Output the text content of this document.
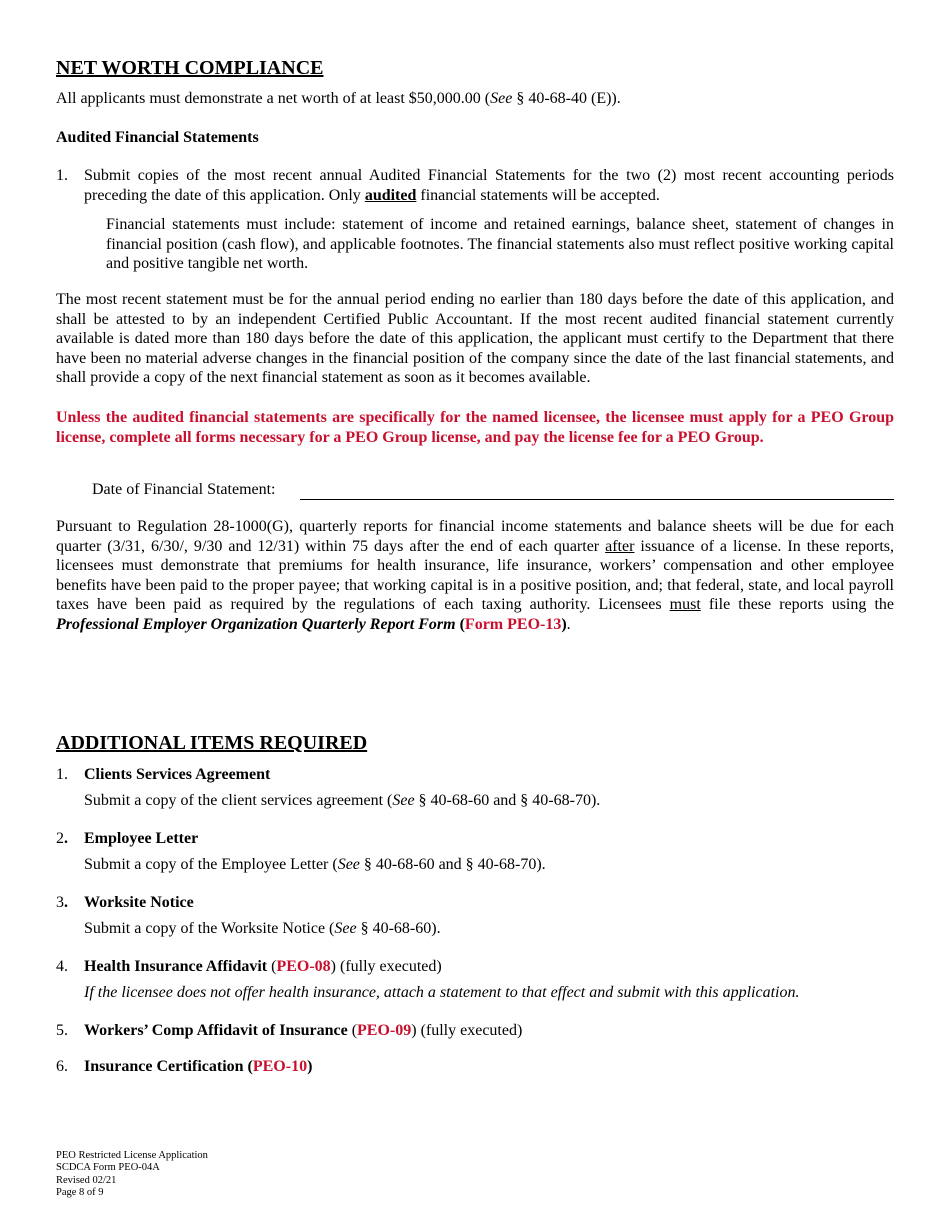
NET WORTH COMPLIANCE
All applicants must demonstrate a net worth of at least $50,000.00 (See § 40-68-40 (E)).
Audited Financial Statements
1. Submit copies of the most recent annual Audited Financial Statements for the two (2) most recent accounting periods preceding the date of this application. Only audited financial statements will be accepted.
Financial statements must include: statement of income and retained earnings, balance sheet, statement of changes in financial position (cash flow), and applicable footnotes. The financial statements also must reflect positive working capital and positive tangible net worth.
The most recent statement must be for the annual period ending no earlier than 180 days before the date of this application, and shall be attested to by an independent Certified Public Accountant. If the most recent audited financial statement currently available is dated more than 180 days before the date of this application, the applicant must certify to the Department that there have been no material adverse changes in the financial position of the company since the date of the last financial statements, and shall provide a copy of the next financial statement as soon as it becomes available.
Unless the audited financial statements are specifically for the named licensee, the licensee must apply for a PEO Group license, complete all forms necessary for a PEO Group license, and pay the license fee for a PEO Group.
Date of Financial Statement:
Pursuant to Regulation 28-1000(G), quarterly reports for financial income statements and balance sheets will be due for each quarter (3/31, 6/30/, 9/30 and 12/31) within 75 days after the end of each quarter after issuance of a license. In these reports, licensees must demonstrate that premiums for health insurance, life insurance, workers’ compensation and other employee benefits have been paid to the proper payee; that working capital is in a positive position, and; that federal, state, and local payroll taxes have been paid as required by the regulations of each taxing authority. Licensees must file these reports using the Professional Employer Organization Quarterly Report Form (Form PEO-13).
ADDITIONAL ITEMS REQUIRED
1. Clients Services Agreement
Submit a copy of the client services agreement (See § 40-68-60 and § 40-68-70).
2. Employee Letter
Submit a copy of the Employee Letter (See § 40-68-60 and § 40-68-70).
3. Worksite Notice
Submit a copy of the Worksite Notice (See § 40-68-60).
4. Health Insurance Affidavit (PEO-08) (fully executed)
If the licensee does not offer health insurance, attach a statement to that effect and submit with this application.
5. Workers’ Comp Affidavit of Insurance (PEO-09) (fully executed)
6. Insurance Certification (PEO-10)
PEO Restricted License Application
SCDCA Form PEO-04A
Revised 02/21
Page 8 of 9
